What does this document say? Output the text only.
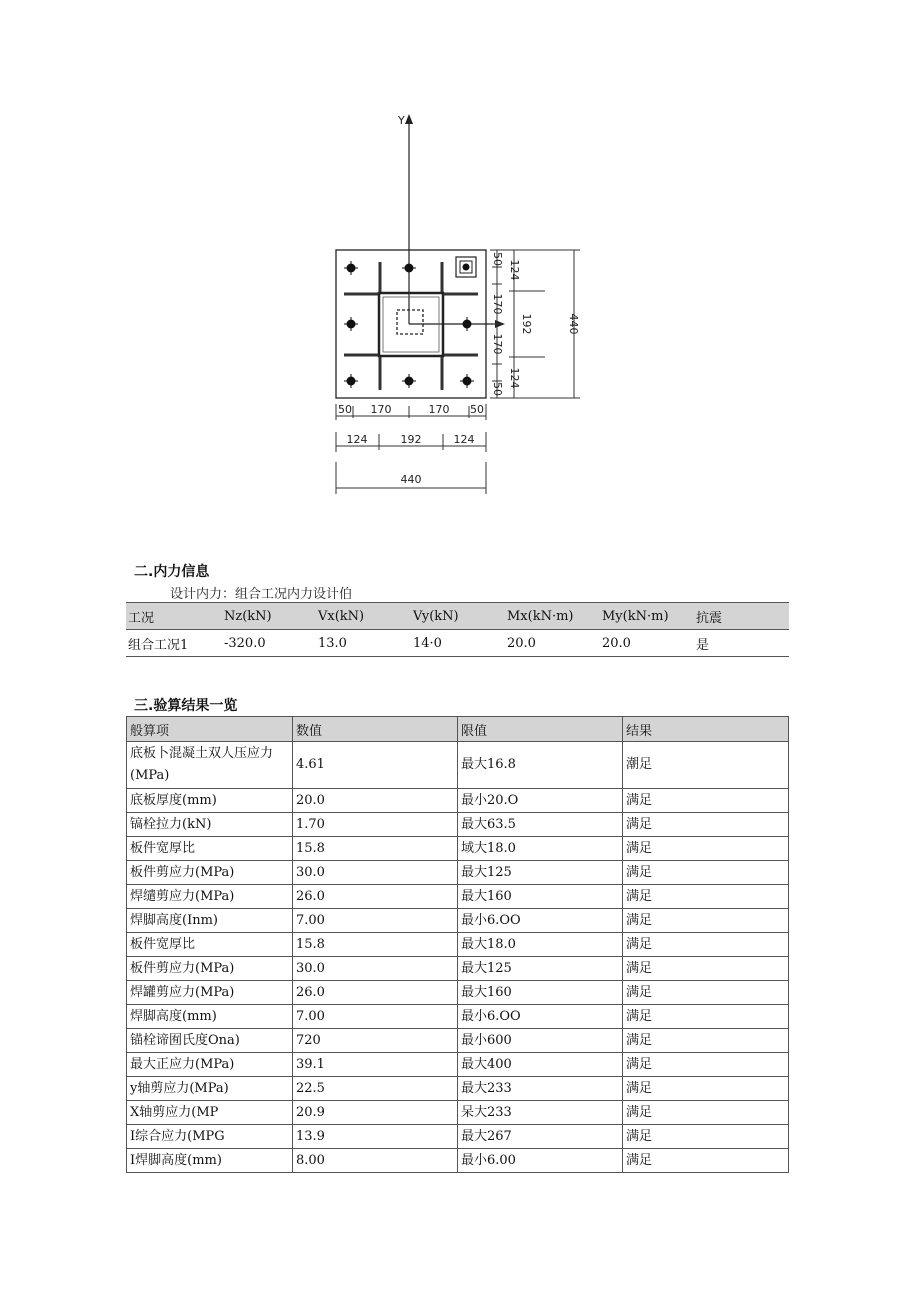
Y
50
124
170
192
170
124
50
440
50 170	170 50
124	192	124
440
二.内力信息
设计内力：组合工况内力设计伯
工况	Nz(kN)	Vx(kN)	Vy(kN)	Mx(kN·m)	My(kN·m)	抗震
组合工况1	-320.0	13.0	14·0	20.0	20.0	是
三.验算结果一览
般算项	数值	限值	结果
底板卜混凝土双人压应力(MPa)	4.61	最大16.8	潮足
底板厚度(mm)	20.0	最小20.O	满足
镐栓拉力(kN)	1.70	最大63.5	满足
板件宽厚比	15.8	域大18.0	满足
板件剪应力(MPa)	30.0	最大125	满足
焊缱剪应力(MPa)	26.0	最大160	满足
焊脚高度(Inm)	7.00	最小6.OO	满足
板件宽厚比	15.8	最大18.0	满足
板件剪应力(MPa)	30.0	最大125	满足
焊罐剪应力(MPa)	26.0	最大160	满足
焊脚高度(mm)	7.00	最小6.OO	满足
锚栓谛囿氏度Ona)	720	最小600	满足
最大正应力(MPa)	39.1	最大400	满足
y轴剪应力(MPa)	22.5	最大233	满足
X轴剪应力(MP	20.9	呆大233	满足
I综合应力(MPG	13.9	最大267	满足
I焊脚高度(mm)	8.00	最小6.00	满足
